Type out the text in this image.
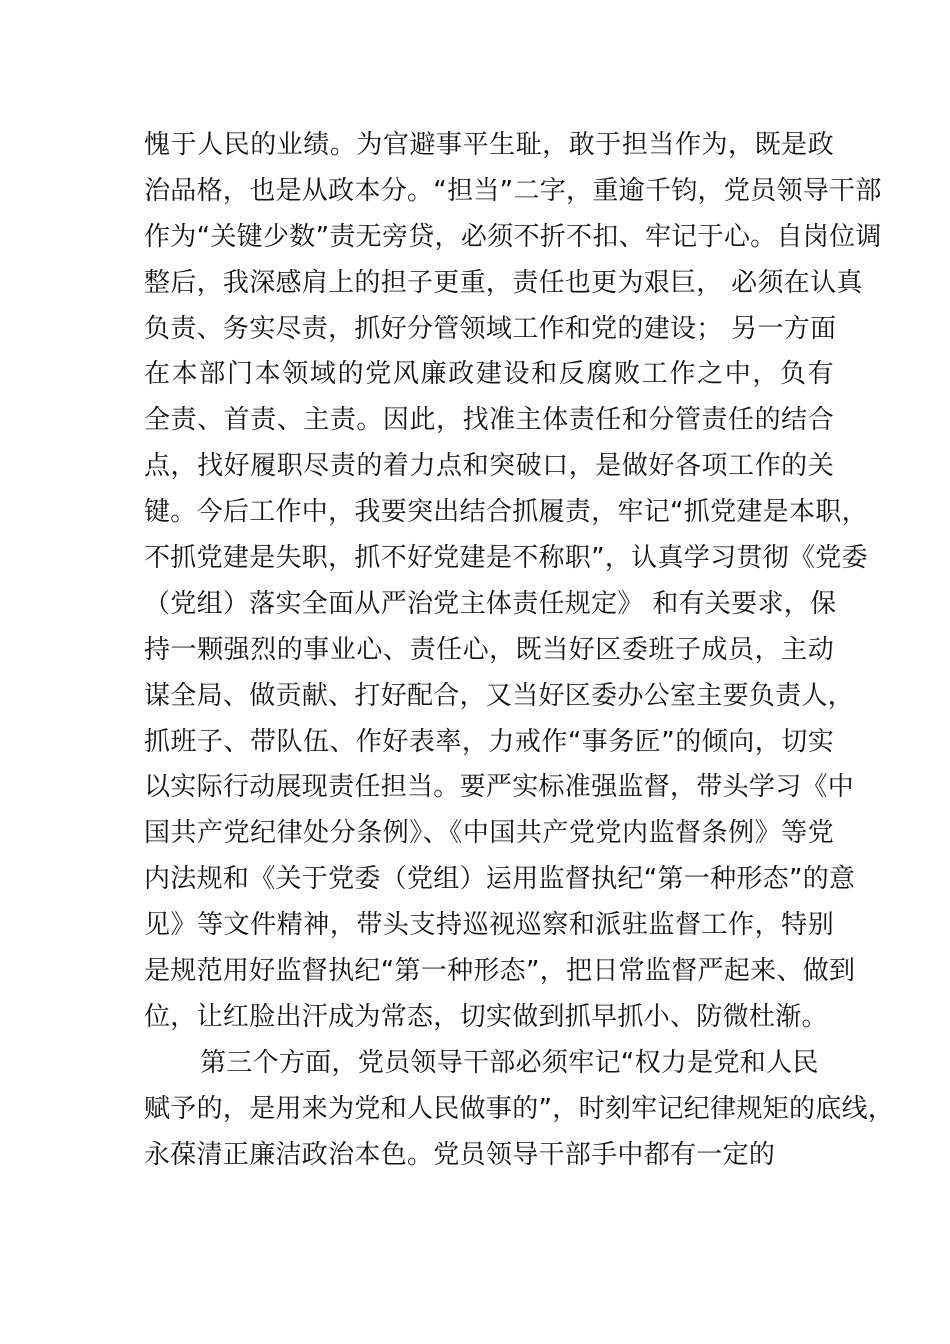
愧于人民的业绩。为官避事平生耻，敢于担当作为，既是政
治品格，也是从政本分。“担当”二字，重逾千钧，党员领导干部
作为“关键少数”责无旁贷，必须不折不扣、牢记于心。自岗位调
整后，我深感肩上的担子更重，责任也更为艰巨， 必须在认真
负责、务实尽责，抓好分管领域工作和党的建设； 另一方面
在本部门本领域的党风廉政建设和反腐败工作之中，负有
全责、首责、主责。因此，找准主体责任和分管责任的结合
点，找好履职尽责的着力点和突破口，是做好各项工作的关
键。今后工作中，我要突出结合抓履责，牢记“抓党建是本职，
不抓党建是失职，抓不好党建是不称职”，认真学习贯彻《党委
（党组）落实全面从严治党主体责任规定》 和有关要求，保
持一颗强烈的事业心、责任心，既当好区委班子成员，主动
谋全局、做贡献、打好配合，又当好区委办公室主要负责人，
抓班子、带队伍、作好表率，力戒作“事务匠”的倾向，切实
以实际行动展现责任担当。要严实标准强监督，带头学习《中
国共产党纪律处分条例》、《中国共产党党内监督条例》等党
内法规和《关于党委（党组）运用监督执纪“第一种形态”的意
见》等文件精神，带头支持巡视巡察和派驻监督工作，特别
是规范用好监督执纪“第一种形态”，把日常监督严起来、做到
位，让红脸出汗成为常态，切实做到抓早抓小、防微杜渐。
第三个方面，党员领导干部必须牢记“权力是党和人民
赋予的，是用来为党和人民做事的”，时刻牢记纪律规矩的底线，
永葆清正廉洁政治本色。党员领导干部手中都有一定的
